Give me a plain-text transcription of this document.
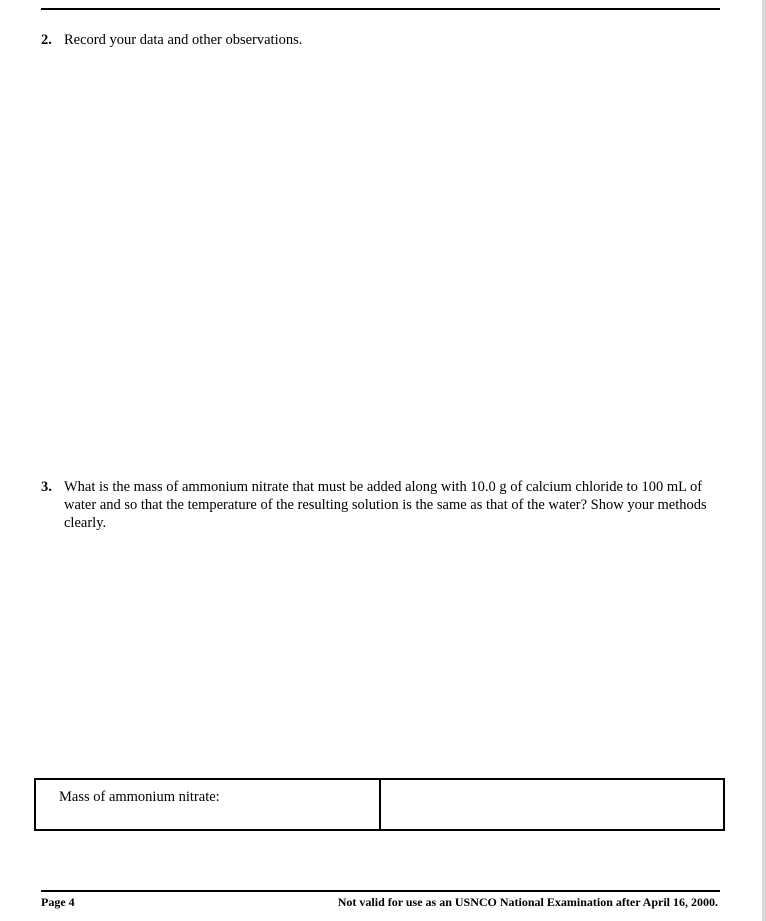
2. Record your data and other observations.
3. What is the mass of ammonium nitrate that must be added along with 10.0 g of calcium chloride to 100 mL of water and so that the temperature of the resulting solution is the same as that of the water? Show your methods clearly.
Mass of ammonium nitrate:
Page 4	Not valid for use as an USNCO National Examination after April 16, 2000.
